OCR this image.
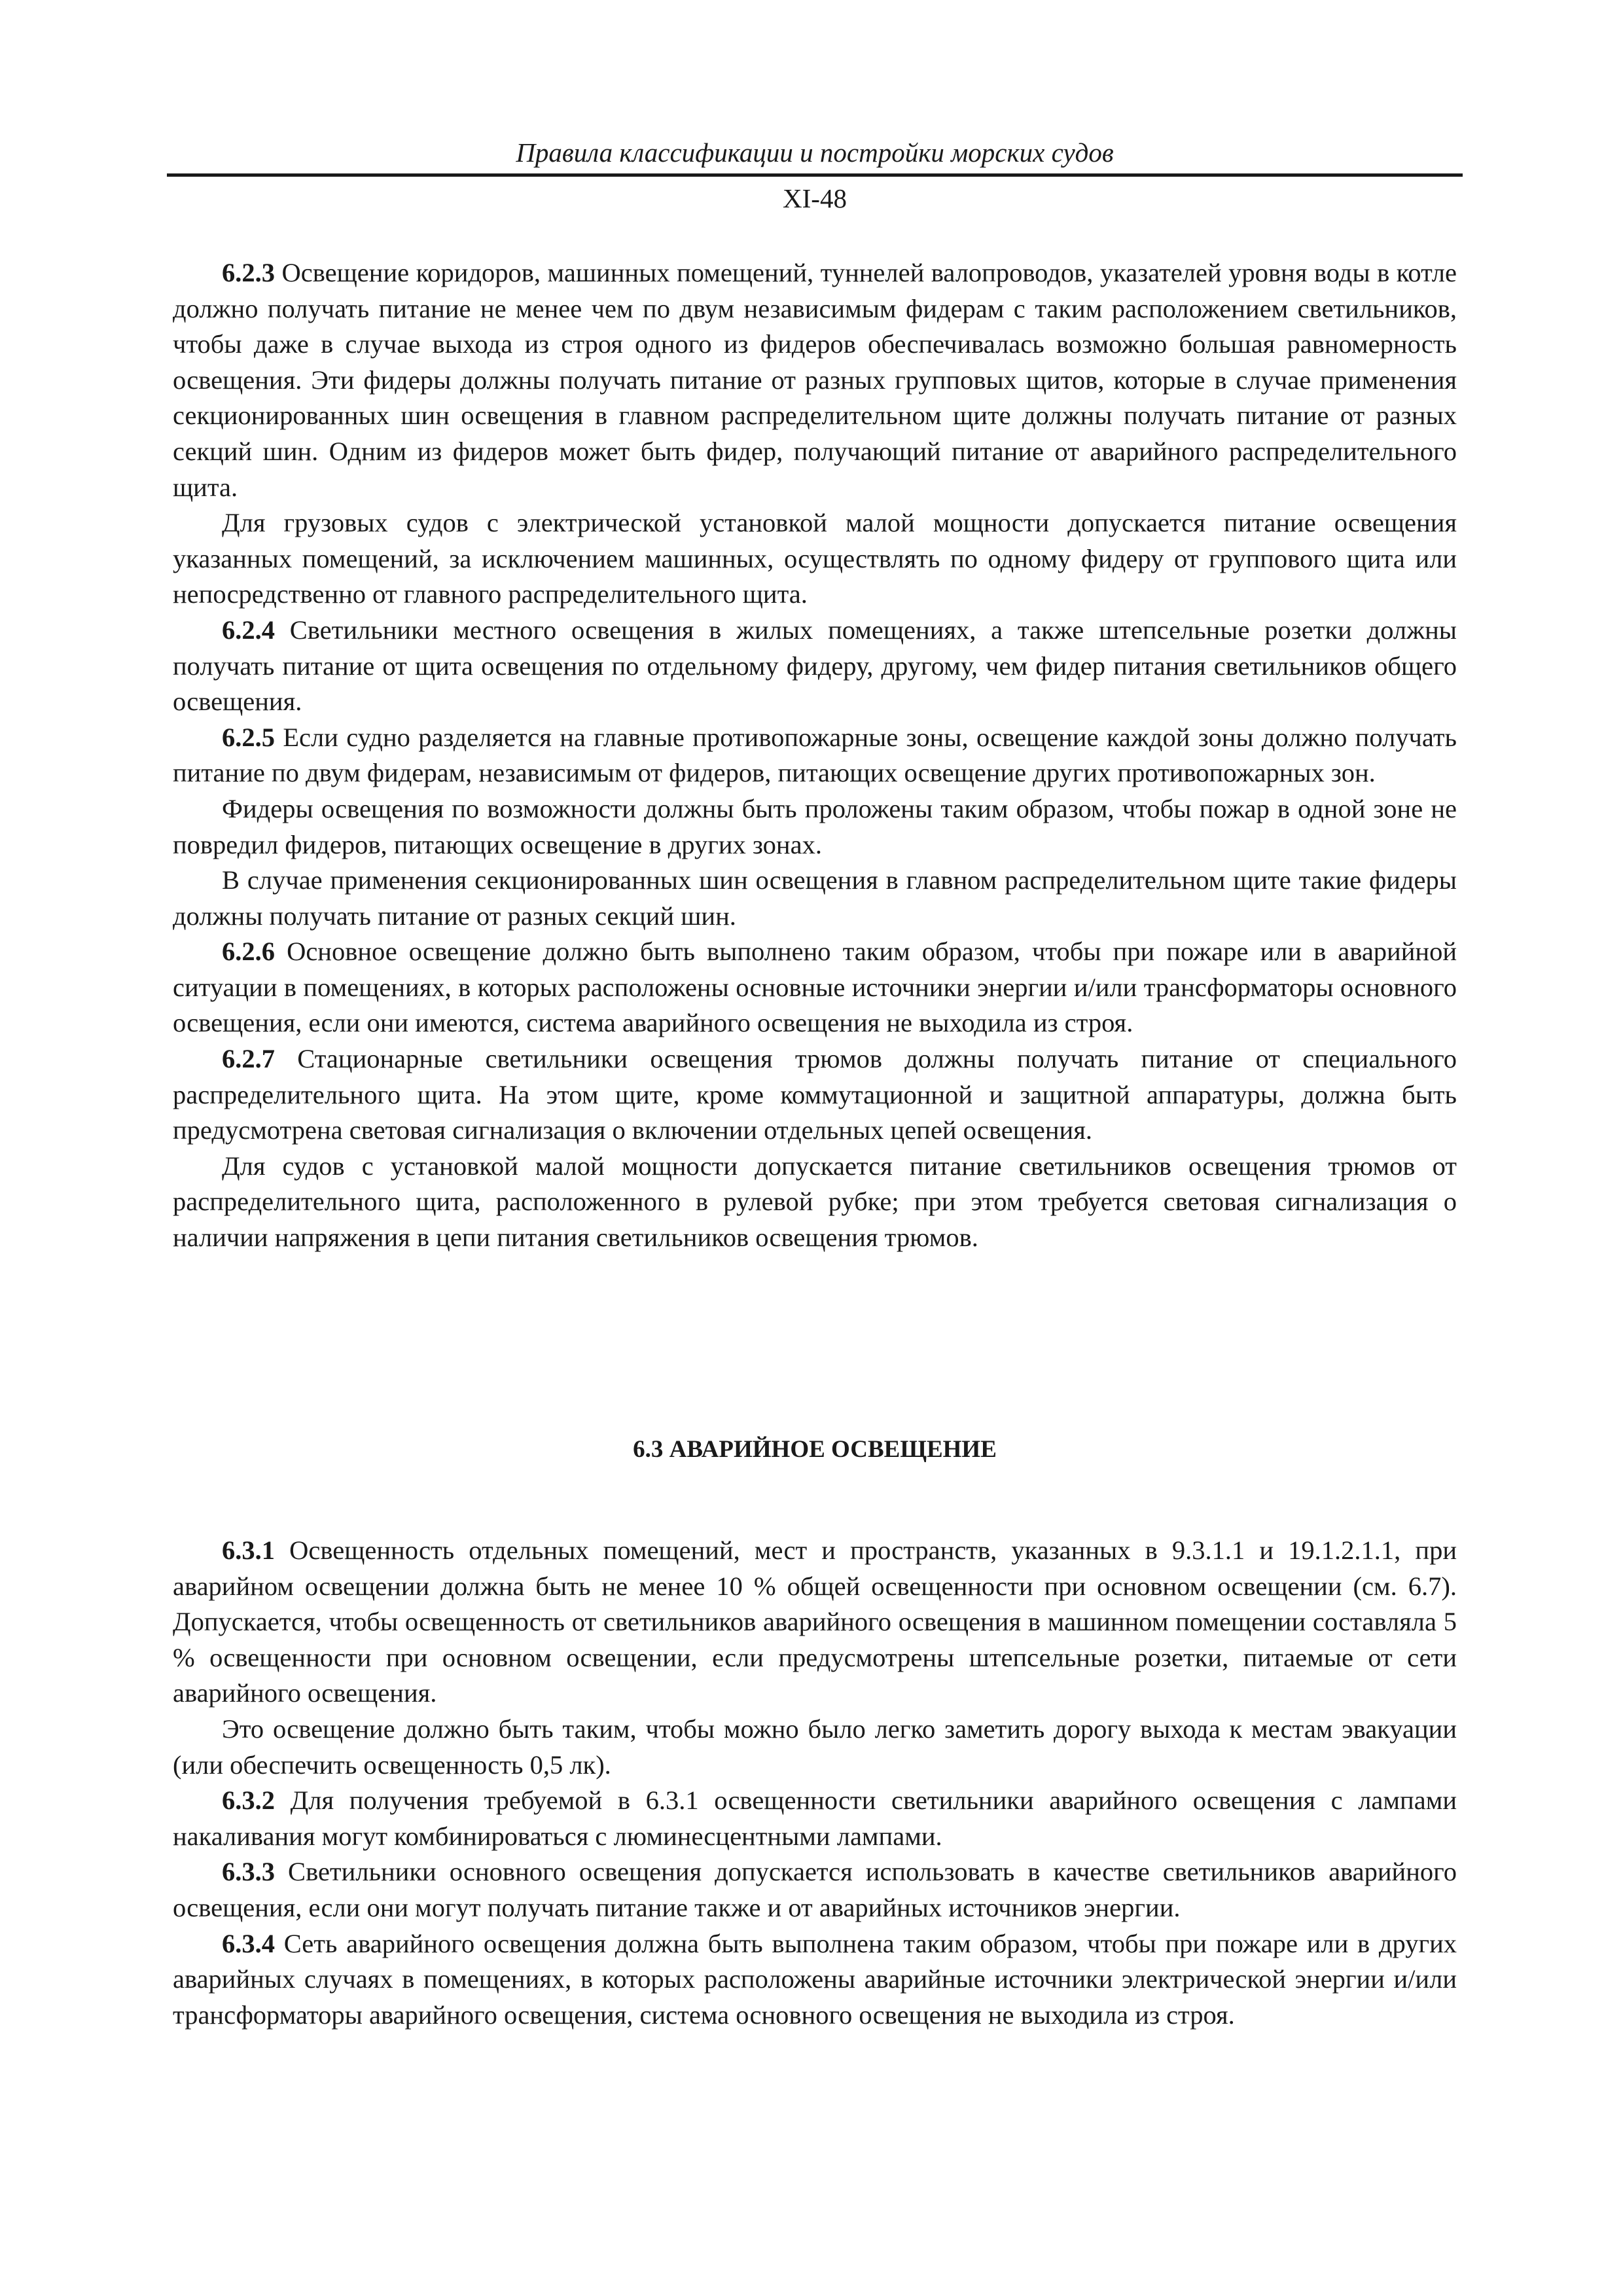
Правила классификации и постройки морских судов
XI-48

6.2.3 Освещение коридоров, машинных помещений, туннелей валопроводов, указателей уровня воды в котле должно получать питание не менее чем по двум независимым фидерам с таким расположением светильников, чтобы даже в случае выхода из строя одного из фидеров обеспечивалась возможно большая равномерность освещения. Эти фидеры должны получать питание от разных групповых щитов, которые в случае применения секционированных шин освещения в главном распределительном щите должны получать питание от разных секций шин. Одним из фидеров может быть фидер, получающий питание от аварийного распределительного щита.

Для грузовых судов с электрической установкой малой мощности допускается питание освещения указанных помещений, за исключением машинных, осуществлять по одному фидеру от группового щита или непосредственно от главного распределительного щита.

6.2.4 Светильники местного освещения в жилых помещениях, а также штепсельные розетки должны получать питание от щита освещения по отдельному фидеру, другому, чем фидер питания светильников общего освещения.

6.2.5 Если судно разделяется на главные противопожарные зоны, освещение каждой зоны должно получать питание по двум фидерам, независимым от фидеров, питающих освещение других противопожарных зон.

Фидеры освещения по возможности должны быть проложены таким образом, чтобы пожар в одной зоне не повредил фидеров, питающих освещение в других зонах.

В случае применения секционированных шин освещения в главном распределительном щите такие фидеры должны получать питание от разных секций шин.

6.2.6 Основное освещение должно быть выполнено таким образом, чтобы при пожаре или в аварийной ситуации в помещениях, в которых расположены основные источники энергии и/или трансформаторы основного освещения, если они имеются, система аварийного освещения не выходила из строя.

6.2.7 Стационарные светильники освещения трюмов должны получать питание от специального распределительного щита. На этом щите, кроме коммутационной и защитной аппаратуры, должна быть предусмотрена световая сигнализация о включении отдельных цепей освещения.

Для судов с установкой малой мощности допускается питание светильников освещения трюмов от распределительного щита, расположенного в рулевой рубке; при этом требуется световая сигнализация о наличии напряжения в цепи питания светильников освещения трюмов.

6.3 АВАРИЙНОЕ ОСВЕЩЕНИЕ

6.3.1 Освещенность отдельных помещений, мест и пространств, указанных в 9.3.1.1 и 19.1.2.1.1, при аварийном освещении должна быть не менее 10 % общей освещенности при основном освещении (см. 6.7). Допускается, чтобы освещенность от светильников аварийного освещения в машинном помещении составляла 5 % освещенности при основном освещении, если предусмотрены штепсельные розетки, питаемые от сети аварийного освещения.

Это освещение должно быть таким, чтобы можно было легко заметить дорогу выхода к местам эвакуации (или обеспечить освещенность 0,5 лк).

6.3.2 Для получения требуемой в 6.3.1 освещенности светильники аварийного освещения с лампами накаливания могут комбинироваться с люминесцентными лампами.

6.3.3 Светильники основного освещения допускается использовать в качестве светильников аварийного освещения, если они могут получать питание также и от аварийных источников энергии.

6.3.4 Сеть аварийного освещения должна быть выполнена таким образом, чтобы при пожаре или в других аварийных случаях в помещениях, в которых расположены аварийные источники электрической энергии и/или трансформаторы аварийного освещения, система основного освещения не выходила из строя.
